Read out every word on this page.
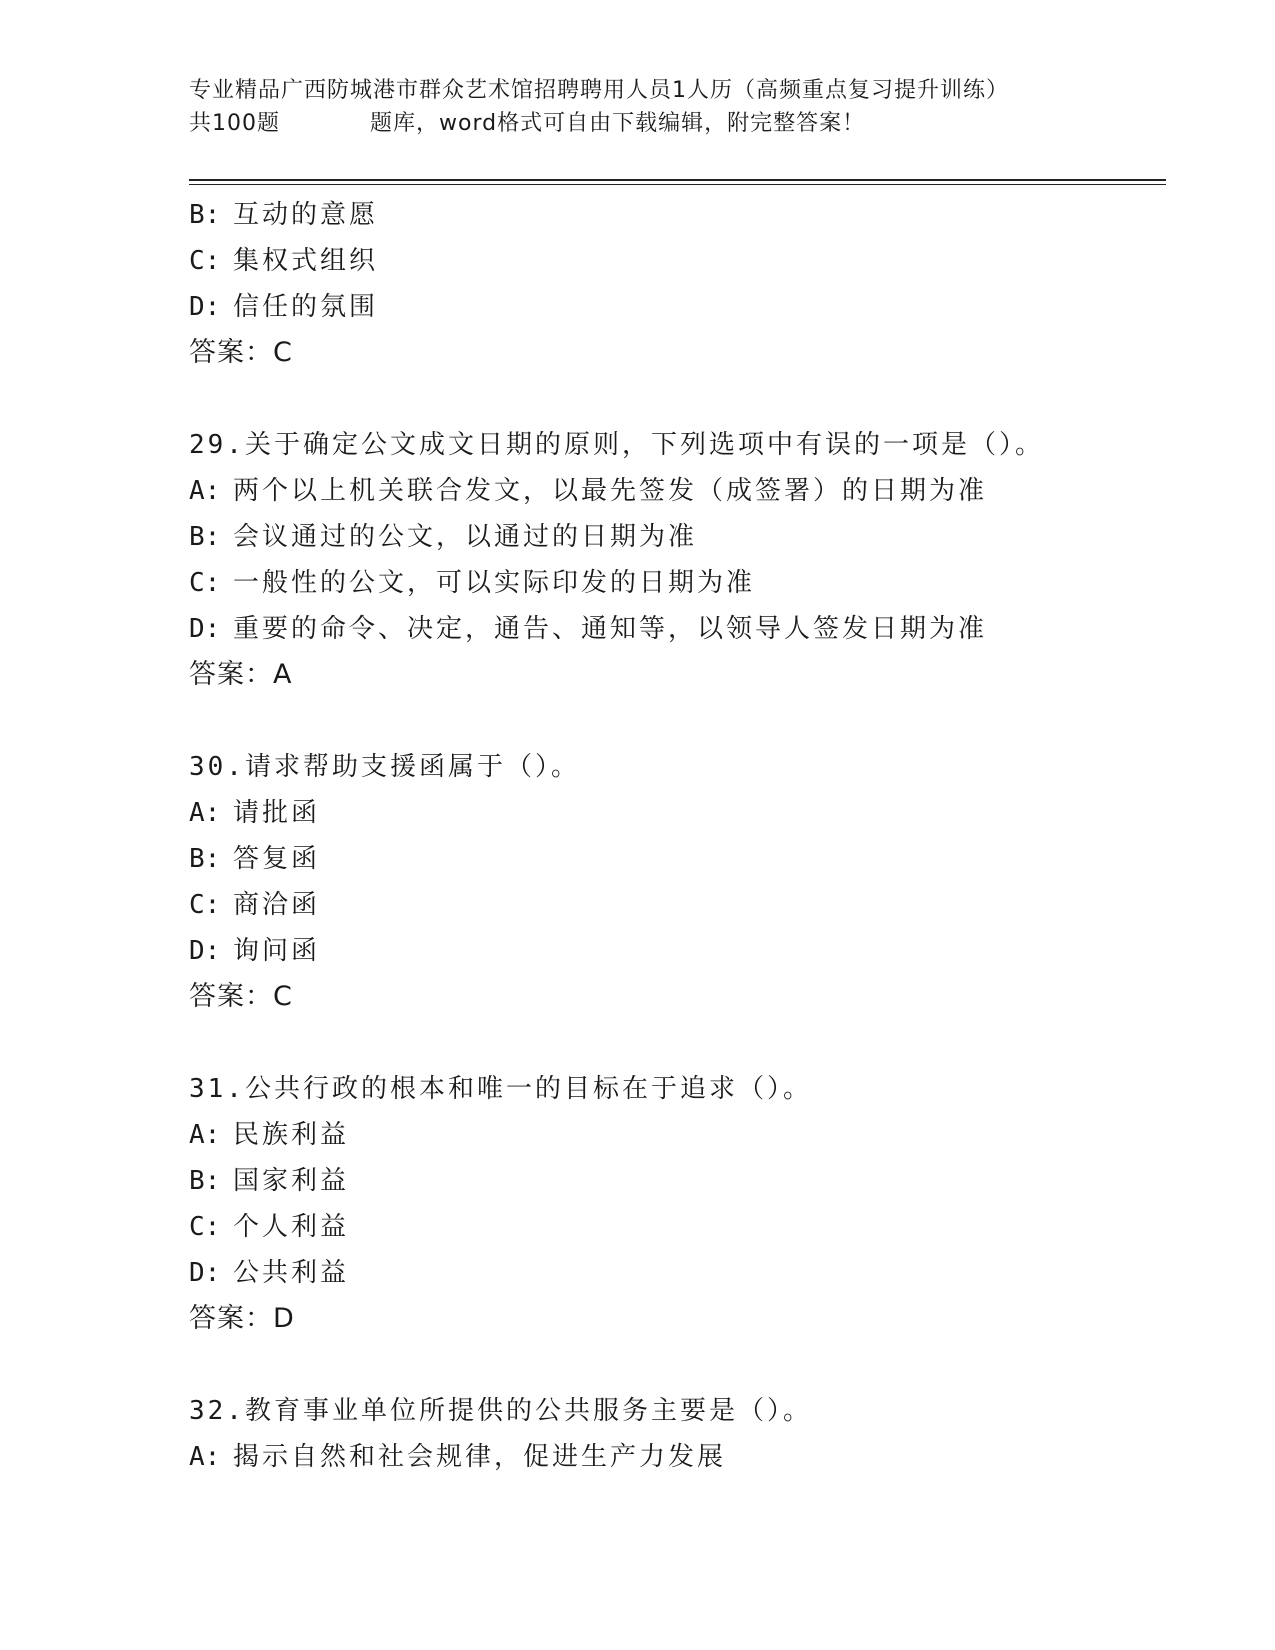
专业精品广西防城港市群众艺术馆招聘聘用人员1人历（高频重点复习提升训练）
共100题	题库，word格式可自由下载编辑，附完整答案！
B: 互动的意愿
C: 集权式组织
D: 信任的氛围
答案：C
29.关于确定公文成文日期的原则，下列选项中有误的一项是（）。
A: 两个以上机关联合发文，以最先签发（成签署）的日期为准
B: 会议通过的公文，以通过的日期为准
C: 一般性的公文，可以实际印发的日期为准
D: 重要的命令、决定，通告、通知等，以领导人签发日期为准
答案：A
30.请求帮助支援函属于（）。
A: 请批函
B: 答复函
C: 商洽函
D: 询问函
答案：C
31.公共行政的根本和唯一的目标在于追求（）。
A: 民族利益
B: 国家利益
C: 个人利益
D: 公共利益
答案：D
32.教育事业单位所提供的公共服务主要是（）。
A: 揭示自然和社会规律，促进生产力发展
